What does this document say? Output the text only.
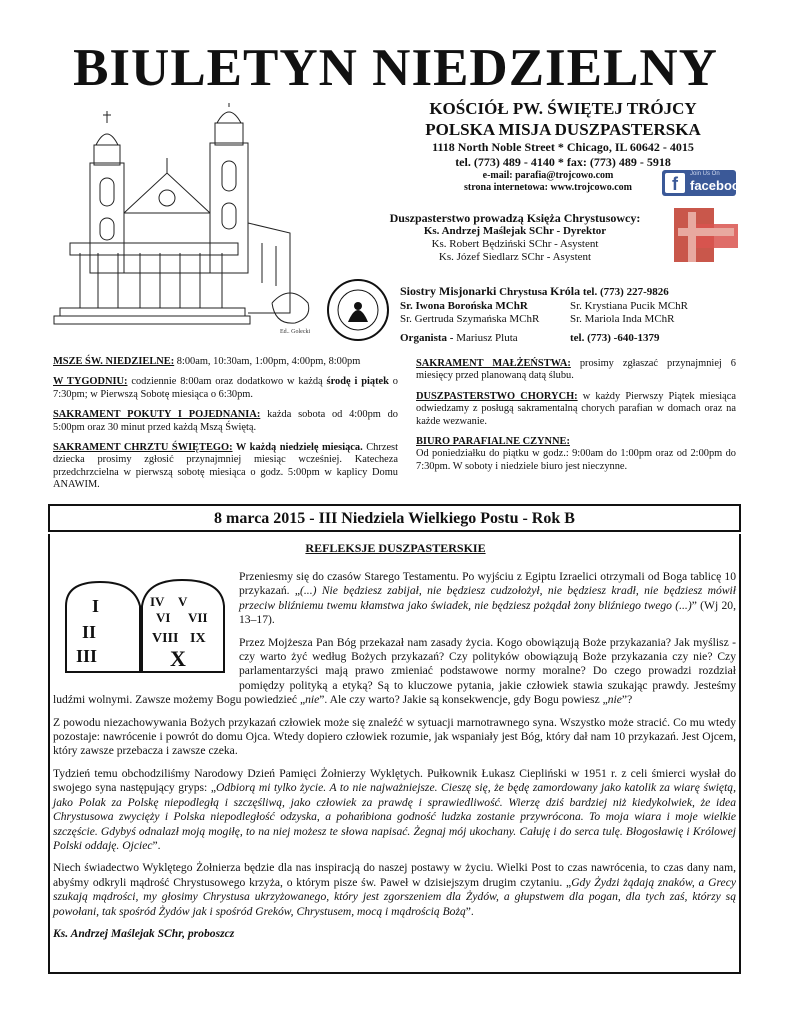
BIULETYN NIEDZIELNY
Ed.. Golecki
KOŚCIÓŁ PW. ŚWIĘTEJ TRÓJCY
POLSKA MISJA DUSZPASTERSKA
1118 North Noble Street * Chicago, IL 60642 - 4015
tel. (773) 489 - 4140 * fax: (773) 489 - 5918
e-mail: parafia@trojcowo.com
strona internetowa: www.trojcowo.com	f	Join Us On
facebook
Duszpasterstwo prowadzą Księża Chrystusowcy:
Ks. Andrzej Maślejak SChr - Dyrektor
Ks. Robert Będziński SChr - Asystent
Ks. Józef Siedlarz SChr - Asystent
Siostry Misjonarki Chrystusa Króla tel. (773) 227-9826
Sr. Iwona Borońska MChR	Sr. Krystiana Pucik MChR
Sr. Gertruda Szymańska MChR	Sr. Mariola Inda MChR
Organista - Mariusz Pluta	tel. (773) -640-1379

MSZE ŚW. NIEDZIELNE: 8:00am, 10:30am, 1:00pm, 4:00pm, 8:00pm

W TYGODNIU: codziennie 8:00am oraz dodatkowo w każdą środę i piątek o 7:30pm; w Pierwszą Sobotę miesiąca o 6:30pm.

SAKRAMENT POKUTY I POJEDNANIA: każda sobota od 4:00pm do 5:00pm oraz 30 minut przed każdą Mszą Świętą.

SAKRAMENT CHRZTU ŚWIĘTEGO: W każdą niedzielę miesiąca. Chrzest dziecka prosimy zgłosić przynajmniej miesiąc wcześniej. Katecheza przedchrzcielna w pierwszą sobotę miesiąca o godz. 5:00pm w kaplicy Domu ANAWIM.

SAKRAMENT MAŁŻEŃSTWA: prosimy zgłaszać przynajmniej 6 miesięcy przed planowaną datą ślubu.

DUSZPASTERSTWO CHORYCH: w każdy Pierwszy Piątek miesiąca odwiedzamy z posługą sakramentalną chorych parafian w domach oraz na każde wezwanie.

BIURO PARAFIALNE CZYNNE:
Od poniedziałku do piątku w godz.: 9:00am do 1:00pm oraz od 2:00pm do 7:30pm. W soboty i niedziele biuro jest nieczynne.

8 marca 2015 - III Niedziela Wielkiego Postu - Rok B
REFLEKSJE DUSZPASTERSKIE
I
II
III
IV V
VI VII
VIII IX
X

Przeniesmy się do czasów Starego Testamentu. Po wyjściu z Egiptu Izraelici otrzymali od Boga tablicę 10 przykazań. „(...) Nie będziesz zabijał, nie będziesz cudzołożył, nie będziesz kradł, nie będziesz mówił przeciw bliźniemu twemu kłamstwa jako świadek, nie będziesz pożądał żony bliźniego twego (...)” (Wj 20, 13–17).

Przez Mojżesza Pan Bóg przekazał nam zasady życia. Kogo obowiązują Boże przykazania? Jak myślisz - czy warto żyć według Bożych przykazań? Czy polityków obowiązują Boże przykazania czy nie? Czy parlamentarzyści mają prawo zmieniać podstawowe normy moralne? Do czego prowadzi rozdział pomiędzy polityką a etyką? Są to kluczowe pytania, jakie człowiek stawia szukając prawdy. Jesteśmy ludźmi wolnymi. Zawsze możemy Bogu powiedzieć „nie”. Ale czy warto? Jakie są konsekwencje, gdy Bogu powiesz „nie”?

Z powodu niezachowywania Bożych przykazań człowiek może się znaleźć w sytuacji marnotrawnego syna. Wszystko może stracić. Co mu wtedy pozostaje: nawrócenie i powrót do domu Ojca. Wtedy dopiero człowiek rozumie, jak wspaniały jest Bóg, który dał nam 10 przykazań. Jest Ojcem, który zawsze przebacza i zawsze czeka.

Tydzień temu obchodziliśmy Narodowy Dzień Pamięci Żołnierzy Wyklętych. Pułkownik Łukasz Ciepliński w 1951 r. z celi śmierci wysłał do swojego syna następujący gryps: „Odbiorą mi tylko życie. A to nie najważniejsze. Cieszę się, że będę zamordowany jako katolik za wiarę świętą, jako Polak za Polskę niepodległą i szczęśliwą, jako człowiek za prawdę i sprawiedliwość. Wierzę dziś bardziej niż kiedykolwiek, że idea Chrystusowa zwycięży i Polska niepodległość odzyska, a pohańbiona godność ludzka zostanie przywrócona. To moja wiara i moje wielkie szczęście. Gdybyś odnalazł moją mogiłę, to na niej możesz te słowa napisać. Żegnaj mój ukochany. Całuję i do serca tulę. Błogosławię i Królowej Polski oddaję. Ojciec”.

Niech świadectwo Wyklętego Żołnierza będzie dla nas inspiracją do naszej postawy w życiu. Wielki Post to czas nawrócenia, to czas dany nam, abyśmy odkryli mądrość Chrystusowego krzyża, o którym pisze św. Paweł w dzisiejszym drugim czytaniu. „Gdy Żydzi żądają znaków, a Grecy szukają mądrości, my głosimy Chrystusa ukrzyżowanego, który jest zgorszeniem dla Żydów, a głupstwem dla pogan, dla tych zaś, którzy są powołani, tak spośród Żydów jak i spośród Greków, Chrystusem, mocą i mądrością Bożą”.

Ks. Andrzej Maślejak SChr, proboszcz
